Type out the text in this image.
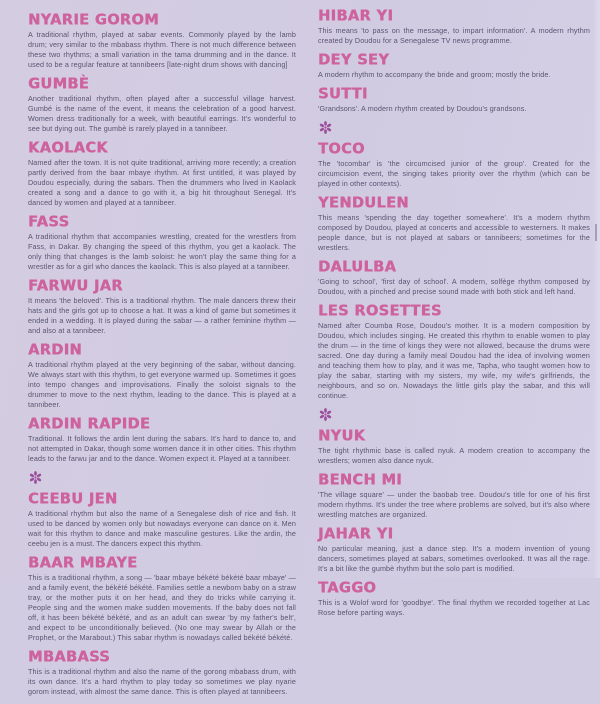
NYARIE GOROM

A traditional rhythm, played at sabar events. Commonly played by the lamb drum; very similar to the mbabass rhythm. There is not much difference between these two rhythms; a small variation in the tama drumming and in the dance. It used to be a regular feature at tannibeers [late-night drum shows with dancing]

GUMBÈ

Another traditional rhythm, often played after a successful village harvest. Gumbé is the name of the event, it means the celebration of a good harvest. Women dress traditionally for a week, with beautiful earrings. It's wonderful to see but dying out. The gumbè is rarely played in a tannibeer.

KAOLACK

Named after the town. It is not quite traditional, arriving more recently; a creation partly derived from the baar mbaye rhythm. At first untitled, it was played by Doudou especially, during the sabars. Then the drummers who lived in Kaolack created a song and a dance to go with it, a big hit throughout Senegal. It's danced by women and played at a tannibeer.

FASS

A traditional rhythm that accompanies wrestling, created for the wrestlers from Fass, in Dakar. By changing the speed of this rhythm, you get a kaolack. The only thing that changes is the lamb soloist: he won't play the same thing for a wrestler as for a girl who dances the kaolack. This is also played at a tannibeer.

FARWU JAR

It means 'the beloved'. This is a traditional rhythm. The male dancers threw their hats and the girls got up to choose a hat. It was a kind of game but sometimes it ended in a wedding. It is played during the sabar — a rather feminine rhythm — and also at a tannibeer.

ARDIN

A traditional rhythm played at the very beginning of the sabar, without dancing. We always start with this rhythm, to get everyone warmed up. Sometimes it goes into tempo changes and improvisations. Finally the soloist signals to the drummer to move to the next rhythm, leading to the dance. This is played at a tannibeer.

ARDIN RAPIDE

Traditional. It follows the ardin lent during the sabars. It's hard to dance to, and not attempted in Dakar, though some women dance it in other cities. This rhythm leads to the farwu jar and to the dance. Women expect it. Played at a tannibeer.

CEEBU JEN

A traditional rhythm but also the name of a Senegalese dish of rice and fish. It used to be danced by women only but nowadays everyone can dance on it. Men wait for this rhythm to dance and make masculine gestures. Like the ardin, the ceebu jen is a must. The dancers expect this rhythm.

BAAR MBAYE

This is a traditional rhythm, a song — 'baar mbaye békété békété baar mbaye' — and a family event, the békété békété. Families settle a newborn baby on a straw tray, or the mother puts it on her head, and they do tricks while carrying it. People sing and the women make sudden movements. If the baby does not fall off, it has been békété békété, and as an adult can swear 'by my father's belt', and expect to be unconditionally believed. (No one may swear by Allah or the Prophet, or the Marabout.) This sabar rhythm is nowadays called békété békété.

MBABASS

This is a traditional rhythm and also the name of the gorong mbabass drum, with its own dance. It's a hard rhythm to play today so sometimes we play nyarie gorom instead, with almost the same dance. This is often played at tannibeers.

HIBAR YI

This means 'to pass on the message, to impart information'. A modern rhythm created by Doudou for a Senegalese TV news programme.

DEY SEY

A modern rhythm to accompany the bride and groom; mostly the bride.

SUTTI

'Grandsons'. A modern rhythm created by Doudou's grandsons.

TOCO

The 'tocombar' is 'the circumcised junior of the group'. Created for the circumcision event, the singing takes priority over the rhythm (which can be played in other contexts).

YENDULEN

This means 'spending the day together somewhere'. It's a modern rhythm composed by Doudou, played at concerts and accessible to westerners. It makes people dance, but is not played at sabars or tannibeers; sometimes for the wrestlers.

DALULBA

'Going to school', 'first day of school'. A modern, solfège rhythm composed by Doudou, with a pinched and precise sound made with both stick and left hand.

LES ROSETTES

Named after Coumba Rose, Doudou's mother. It is a modern composition by Doudou, which includes singing. He created this rhythm to enable women to play the drum — in the time of kings they were not allowed, because the drums were sacred. One day during a family meal Doudou had the idea of involving women and teaching them how to play, and it was me, Tapha, who taught women how to play the sabar, starting with my sisters, my wife, my wife's girlfriends, the neighbours, and so on. Nowadays the little girls play the sabar, and this will continue.

NYUK

The tight rhythmic base is called nyuk. A modern creation to accompany the wrestlers; women also dance nyuk.

BENCH MI

'The village square' — under the baobab tree. Doudou's title for one of his first modern rhythms. It's under the tree where problems are solved, but it's also where wrestling matches are organized.

JAHAR YI

No particular meaning, just a dance step. It's a modern invention of young dancers, sometimes played at sabars, sometimes overlooked. It was all the rage. It's a bit like the gumbè rhythm but the solo part is modified.

TAGGO

This is a Wolof word for 'goodbye'. The final rhythm we recorded together at Lac Rose before parting ways.
